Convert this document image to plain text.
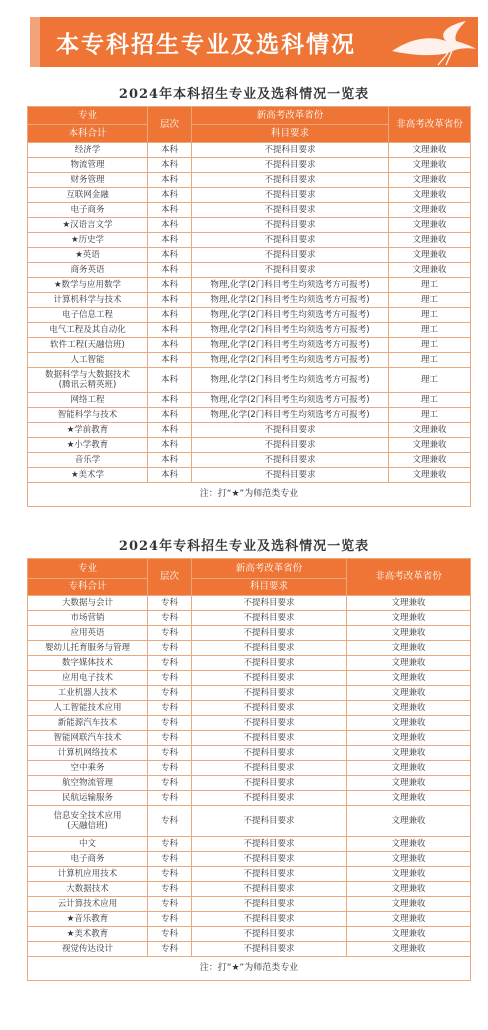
本专科招生专业及选科情况
2024年本科招生专业及选科情况一览表
专业	层次	新高考改革省份	非高考改革省份
本科合计		科目要求	
经济学	本科	不提科目要求	文理兼收
物流管理	本科	不提科目要求	文理兼收
财务管理	本科	不提科目要求	文理兼收
互联网金融	本科	不提科目要求	文理兼收
电子商务	本科	不提科目要求	文理兼收
★汉语言文学	本科	不提科目要求	文理兼收
★历史学	本科	不提科目要求	文理兼收
★英语	本科	不提科目要求	文理兼收
商务英语	本科	不提科目要求	文理兼收
★数学与应用数学	本科	物理,化学(2门科目考生均须选考方可报考)	理工
计算机科学与技术	本科	物理,化学(2门科目考生均须选考方可报考)	理工
电子信息工程	本科	物理,化学(2门科目考生均须选考方可报考)	理工
电气工程及其自动化	本科	物理,化学(2门科目考生均须选考方可报考)	理工
软件工程(天融信班)	本科	物理,化学(2门科目考生均须选考方可报考)	理工
人工智能	本科	物理,化学(2门科目考生均须选考方可报考)	理工
数据科学与大数据技术
(腾讯云精英班)	本科	物理,化学(2门科目考生均须选考方可报考)	理工
网络工程	本科	物理,化学(2门科目考生均须选考方可报考)	理工
智能科学与技术	本科	物理,化学(2门科目考生均须选考方可报考)	理工
★学前教育	本科	不提科目要求	文理兼收
★小学教育	本科	不提科目要求	文理兼收
音乐学	本科	不提科目要求	文理兼收
★美术学	本科	不提科目要求	文理兼收
注：打“★”为师范类专业			
2024年专科招生专业及选科情况一览表
专业	层次	新高考改革省份	非高考改革省份
专科合计		科目要求	
大数据与会计	专科	不提科目要求	文理兼收
市场营销	专科	不提科目要求	文理兼收
应用英语	专科	不提科目要求	文理兼收
婴幼儿托育服务与管理	专科	不提科目要求	文理兼收
数字媒体技术	专科	不提科目要求	文理兼收
应用电子技术	专科	不提科目要求	文理兼收
工业机器人技术	专科	不提科目要求	文理兼收
人工智能技术应用	专科	不提科目要求	文理兼收
新能源汽车技术	专科	不提科目要求	文理兼收
智能网联汽车技术	专科	不提科目要求	文理兼收
计算机网络技术	专科	不提科目要求	文理兼收
空中乘务	专科	不提科目要求	文理兼收
航空物流管理	专科	不提科目要求	文理兼收
民航运输服务	专科	不提科目要求	文理兼收
信息安全技术应用
(天融信班)	专科	不提科目要求	文理兼收
中文	专科	不提科目要求	文理兼收
电子商务	专科	不提科目要求	文理兼收
计算机应用技术	专科	不提科目要求	文理兼收
大数据技术	专科	不提科目要求	文理兼收
云计算技术应用	专科	不提科目要求	文理兼收
★音乐教育	专科	不提科目要求	文理兼收
★美术教育	专科	不提科目要求	文理兼收
视觉传达设计	专科	不提科目要求	文理兼收
注：打“★”为师范类专业			
